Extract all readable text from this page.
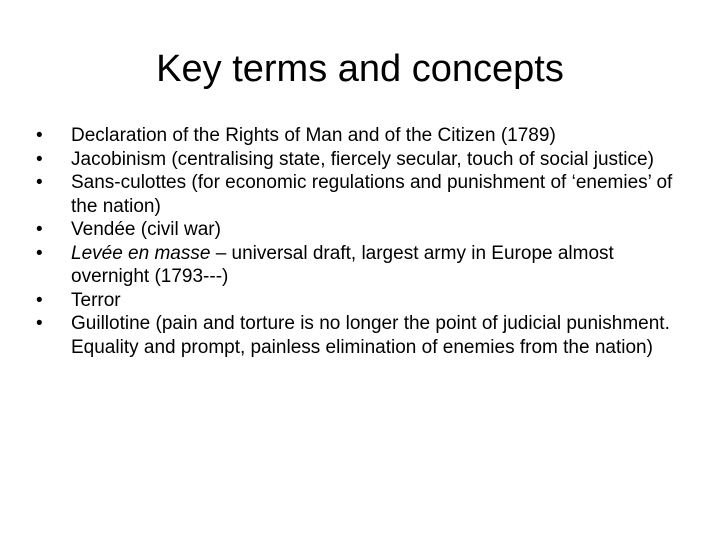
Key terms and concepts
•	Declaration of the Rights of Man and of the Citizen (1789)
•	Jacobinism (centralising state, fiercely secular, touch of social justice)
•	Sans-culottes (for economic regulations and punishment of ‘enemies’ of the nation)
•	Vendée (civil war)
•	Levée en masse – universal draft, largest army in Europe almost overnight (1793---)
•	Terror
•	Guillotine (pain and torture is no longer the point of judicial punishment. Equality and prompt, painless elimination of enemies from the nation)
